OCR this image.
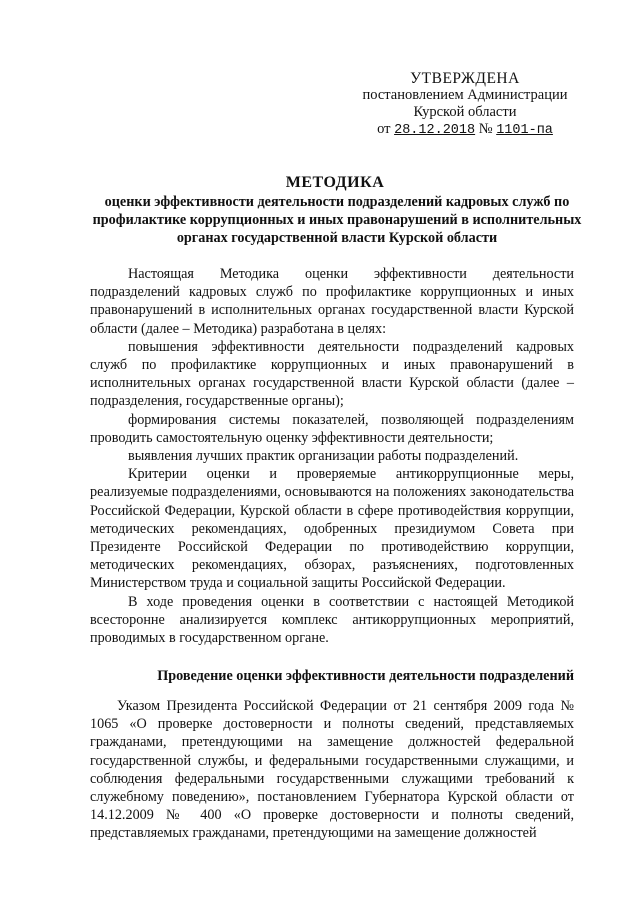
УТВЕРЖДЕНА
постановлением Администрации
Курской области
от 28.12.2018 № 1101-па
МЕТОДИКА
оценки эффективности деятельности подразделений кадровых служб по профилактике коррупционных и иных правонарушений в исполнительных органах государственной власти Курской области

Настоящая Методика оценки эффективности деятельности подразделений кадровых служб по профилактике коррупционных и иных правонарушений в исполнительных органах государственной власти Курской области (далее – Методика) разработана в целях:

повышения эффективности деятельности подразделений кадровых служб по профилактике коррупционных и иных правонарушений в исполнительных органах государственной власти Курской области (далее – подразделения, государственные органы);

формирования системы показателей, позволяющей подразделениям проводить самостоятельную оценку эффективности деятельности;

выявления лучших практик организации работы подразделений.

Критерии оценки и проверяемые антикоррупционные меры, реализуемые подразделениями, основываются на положениях законодательства Российской Федерации, Курской области в сфере противодействия коррупции, методических рекомендациях, одобренных президиумом Совета при Президенте Российской Федерации по противодействию коррупции, методических рекомендациях, обзорах, разъяснениях, подготовленных Министерством труда и социальной защиты Российской Федерации.

В ходе проведения оценки в соответствии с настоящей Методикой всесторонне анализируется комплекс антикоррупционных мероприятий, проводимых в государственном органе.

Проведение оценки эффективности деятельности подразделений

Указом Президента Российской Федерации от 21 сентября 2009 года № 1065 «О проверке достоверности и полноты сведений, представляемых гражданами, претендующими на замещение должностей федеральной государственной службы, и федеральными государственными служащими, и соблюдения федеральными государственными служащими требований к служебному поведению», постановлением Губернатора Курской области от 14.12.2009 № 400 «О проверке достоверности и полноты сведений, представляемых гражданами, претендующими на замещение должностей
